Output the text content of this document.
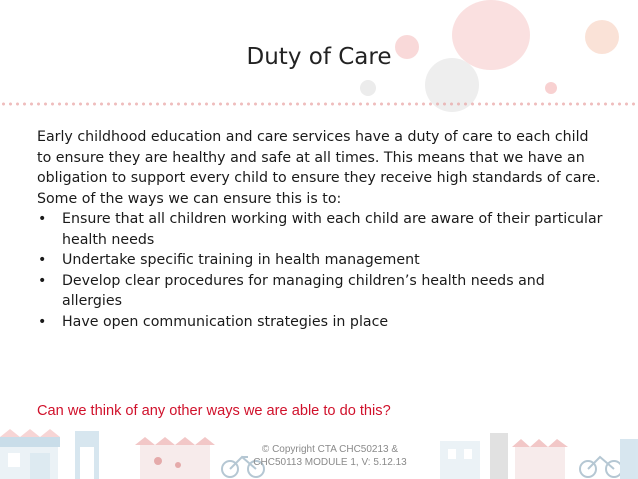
Duty of Care

Early childhood education and care services have a duty of care to each child to ensure they are healthy and safe at all times. This means that we have an obligation to support every child to ensure they receive high standards of care.

Some of the ways we can ensure this is to:

• Ensure that all children working with each child are aware of their particular health needs
• Undertake specific training in health management
• Develop clear procedures for managing children’s health needs and allergies
• Have open communication strategies in place
Can we think of any other ways we are able to do this?
© Copyright CTA CHC50213 &
CHC50113 MODULE 1, V: 5.12.13
